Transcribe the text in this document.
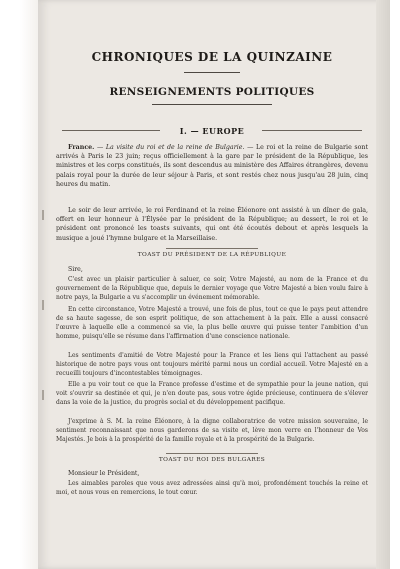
CHRONIQUES DE LA QUINZAINE
RENSEIGNEMENTS POLITIQUES
I. — EUROPE
France. — La visite du roi et de la reine de Bulgarie. — Le roi et la reine de Bulgarie sont arrivés à Paris le 23 juin; reçus officiellement à la gare par le président de la République, les ministres et les corps constitués, ils sont descendus au ministère des Affaires étrangères, devenu palais royal pour la durée de leur séjour à Paris, et sont restés chez nous jusqu'au 28 juin, cinq heures du matin.
Le soir de leur arrivée, le roi Ferdinand et la reine Éléonore ont assisté à un dîner de gala, offert en leur honneur à l'Élysée par le président de la République; au dessert, le roi et le président ont prononcé les toasts suivants, qui ont été écoutés debout et après lesquels la musique a joué l'hymne bulgare et la Marseillaise.
TOAST DU PRÉSIDENT DE LA RÉPUBLIQUE
Sire,
C'est avec un plaisir particulier à saluer, ce soir, Votre Majesté, au nom de la France et du gouvernement de la République que, depuis le dernier voyage que Votre Majesté a bien voulu faire à notre pays, la Bulgarie a vu s'accomplir un événement mémorable.
En cette circonstance, Votre Majesté a trouvé, une fois de plus, tout ce que le pays peut attendre de sa haute sagesse, de son esprit politique, de son attachement à la paix. Elle a aussi consacré l'œuvre à laquelle elle a commencé sa vie, la plus belle œuvre qui puisse tenter l'ambition d'un homme, puisqu'elle se résume dans l'affirmation d'une conscience nationale.
Les sentiments d'amitié de Votre Majesté pour la France et les liens qui l'attachent au passé historique de notre pays vous ont toujours mérité parmi nous un cordial accueil. Votre Majesté en a recueilli toujours d'incontestables témoignages.
Elle a pu voir tout ce que la France professe d'estime et de sympathie pour la jeune nation, qui voit s'ouvrir sa destinée et qui, je n'en doute pas, sous votre égide précieuse, continuera de s'élever dans la voie de la justice, du progrès social et du développement pacifique.
J'exprime à S. M. la reine Éléonore, à la digne collaboratrice de votre mission souveraine, le sentiment reconnaissant que nous garderons de sa visite et, lève mon verre en l'honneur de Vos Majestés. Je bois à la prospérité de la famille royale et à la prospérité de la Bulgarie.
TOAST DU ROI DES BULGARES
Monsieur le Président,
Les aimables paroles que vous avez adressées ainsi qu'à moi, profondément touchés la reine et moi, et nous vous en remercions, le tout cœur.
